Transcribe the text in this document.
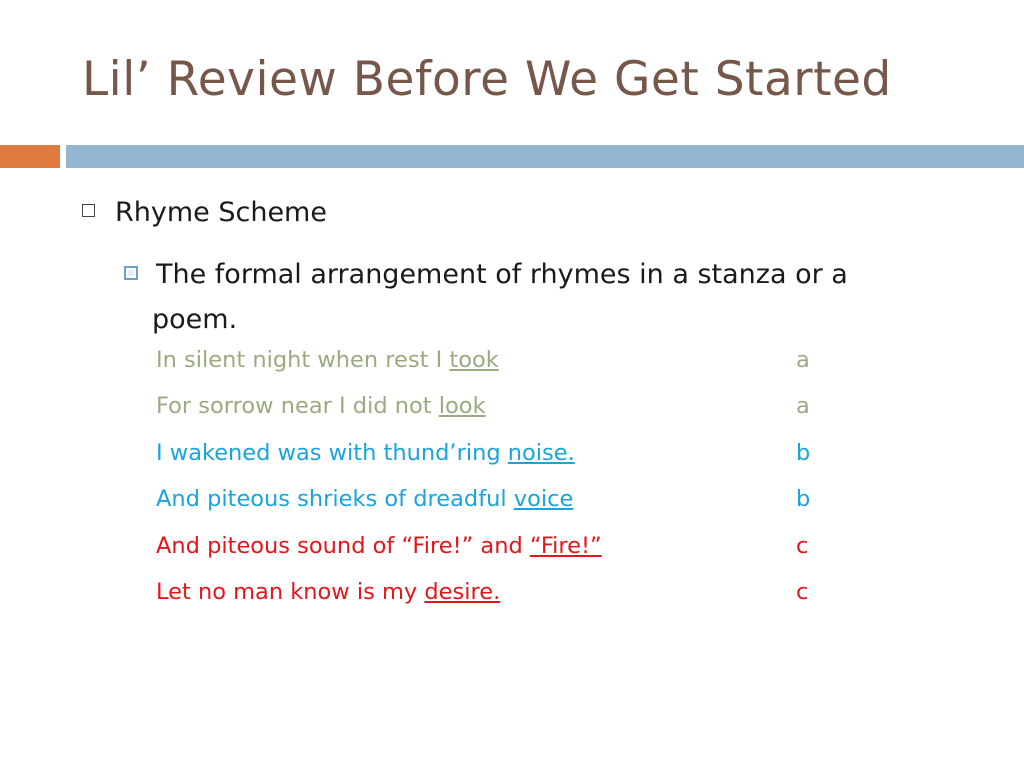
Lil’ Review Before We Get Started
Rhyme Scheme
The formal arrangement of rhymes in a stanza or a
poem.
In silent night when rest I took	a
For sorrow near I did not look	a
I wakened was with thund’ring noise.	b
And piteous shrieks of dreadful voice	b
And piteous sound of “Fire!” and “Fire!”	c
Let no man know is my desire.	c
